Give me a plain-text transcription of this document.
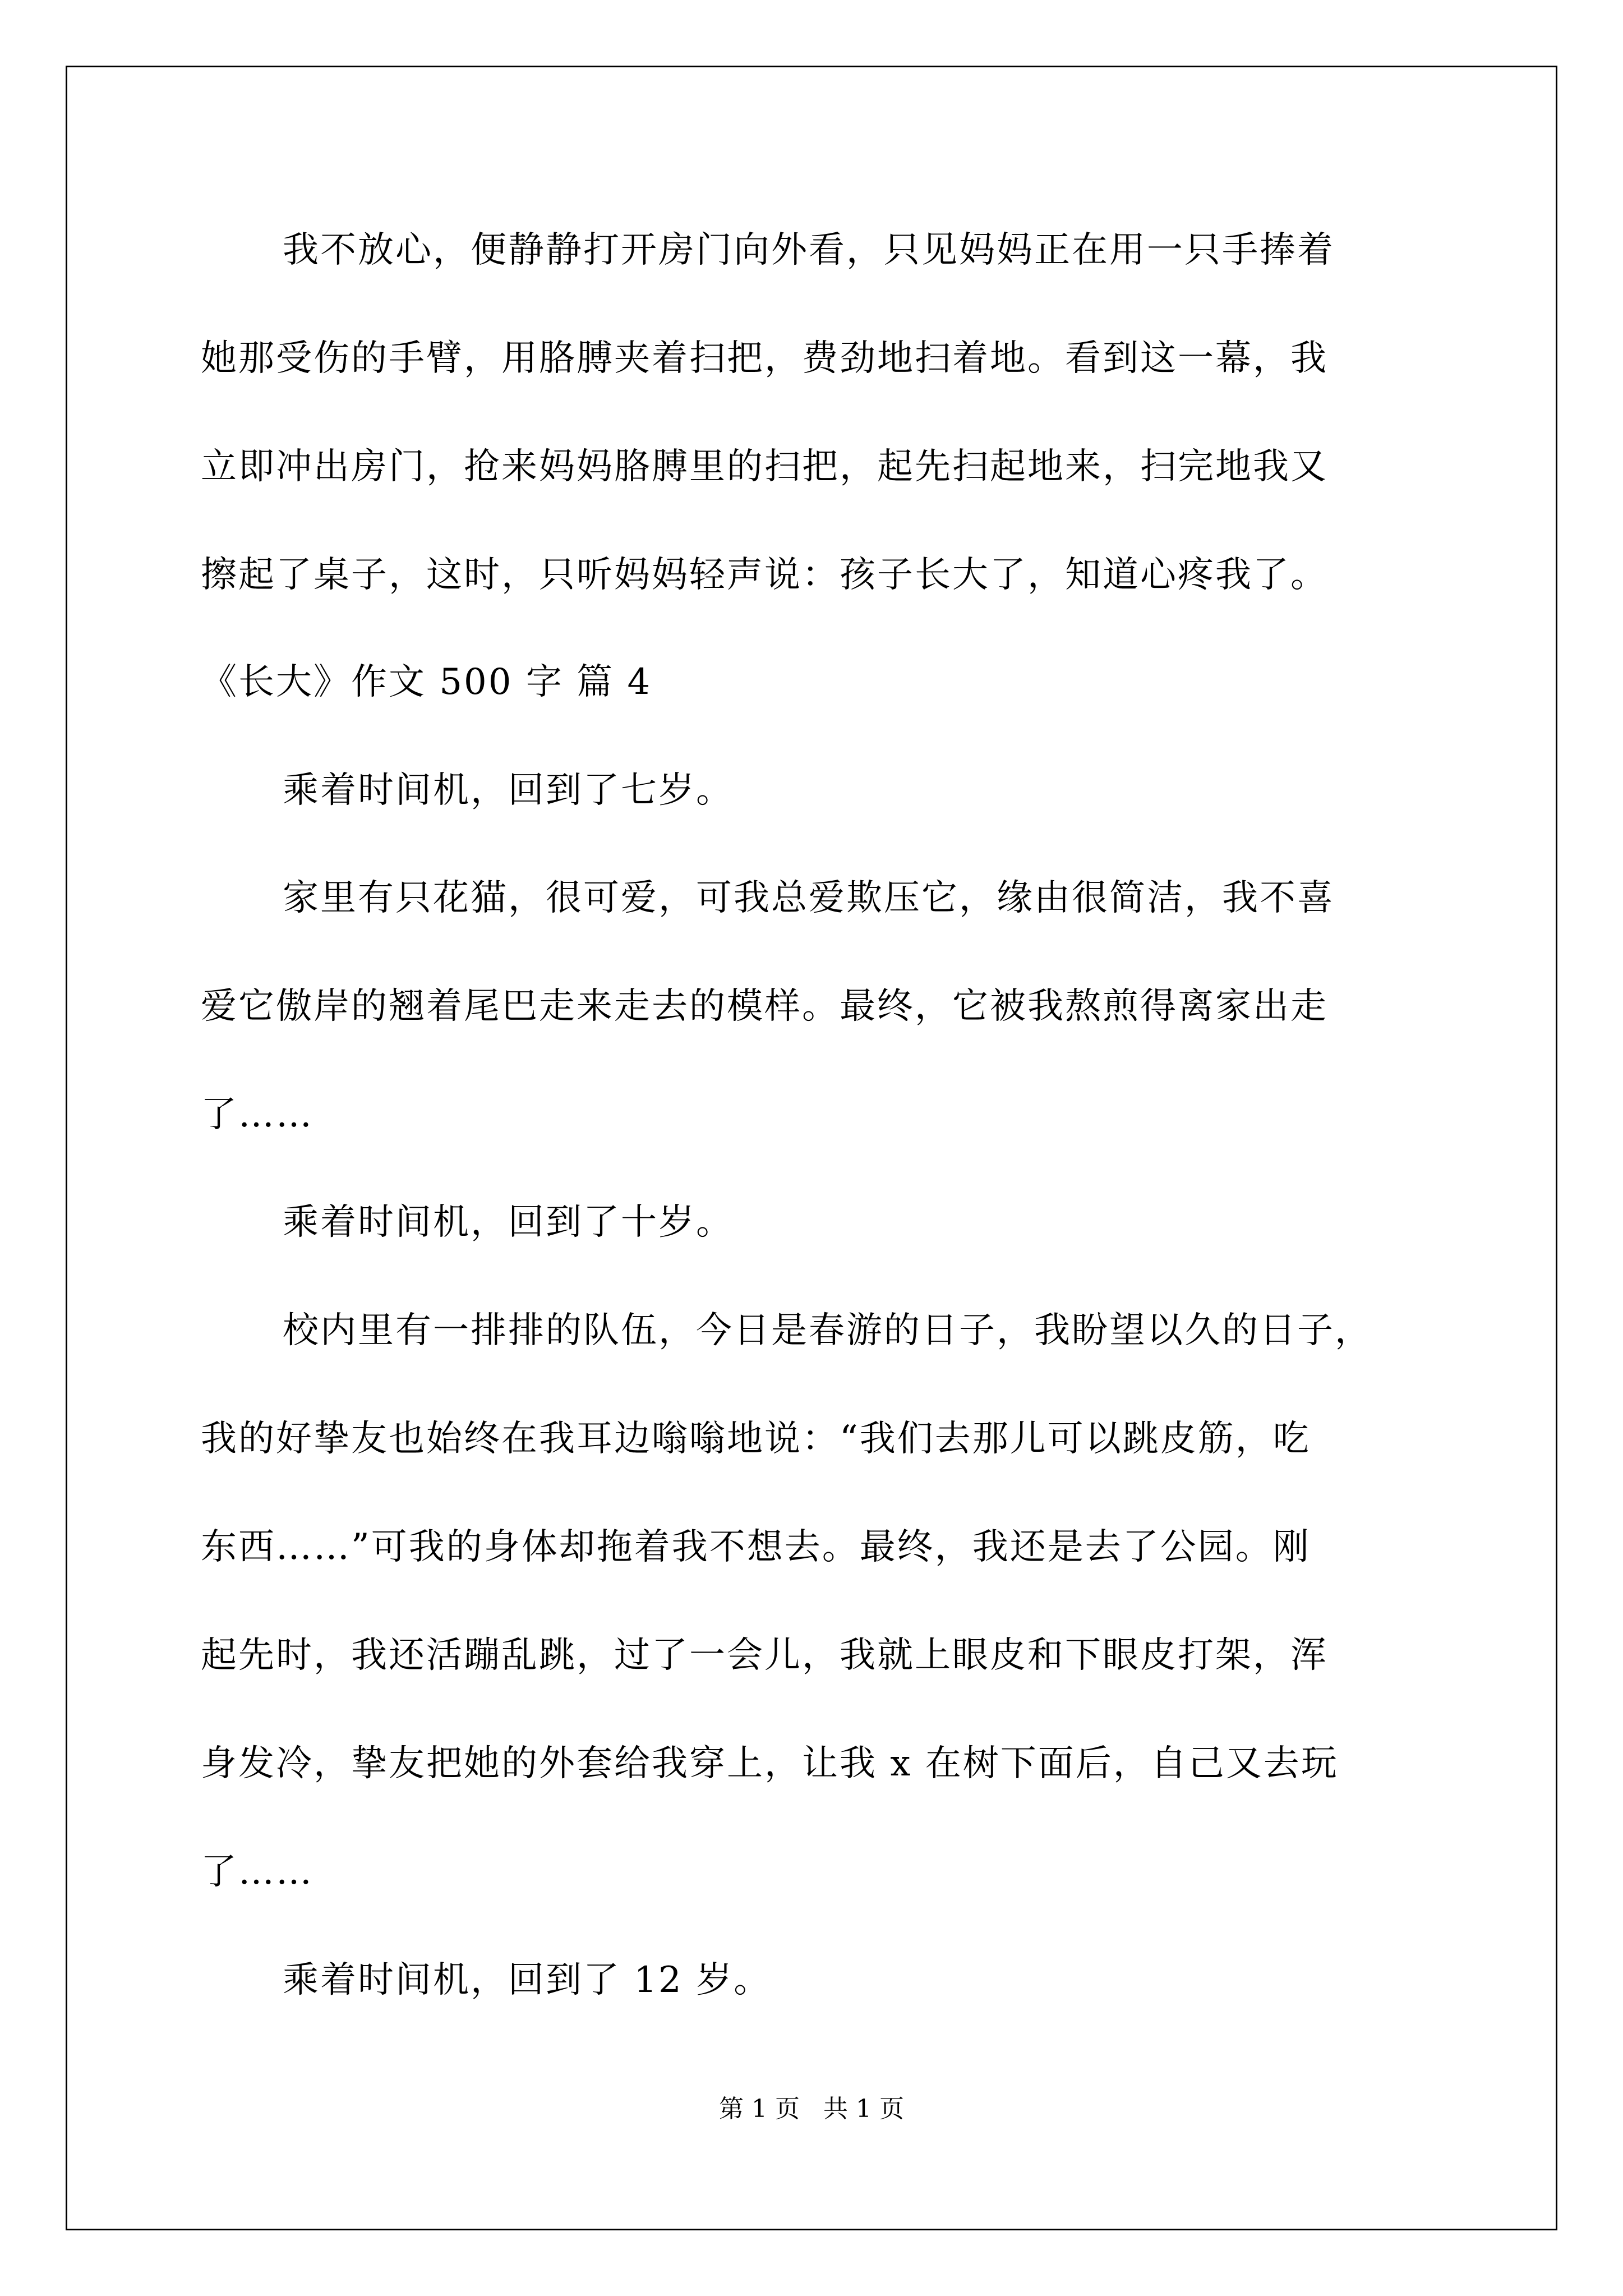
我不放心，便静静打开房门向外看，只见妈妈正在用一只手捧着

她那受伤的手臂，用胳膊夹着扫把，费劲地扫着地。看到这一幕，我

立即冲出房门，抢来妈妈胳膊里的扫把，起先扫起地来，扫完地我又

擦起了桌子，这时，只听妈妈轻声说：孩子长大了，知道心疼我了。

《长大》作文 500 字 篇 4

乘着时间机，回到了七岁。

家里有只花猫，很可爱，可我总爱欺压它，缘由很简洁，我不喜

爱它傲岸的翘着尾巴走来走去的模样。最终，它被我熬煎得离家出走

了……

乘着时间机，回到了十岁。

校内里有一排排的队伍，今日是春游的日子，我盼望以久的日子，

我的好挚友也始终在我耳边嗡嗡地说：“我们去那儿可以跳皮筋，吃

东西……”可我的身体却拖着我不想去。最终，我还是去了公园。刚

起先时，我还活蹦乱跳，过了一会儿，我就上眼皮和下眼皮打架，浑

身发冷，挚友把她的外套给我穿上，让我 x 在树下面后，自己又去玩

了……

乘着时间机，回到了 12 岁。

第 1 页   共 1 页
